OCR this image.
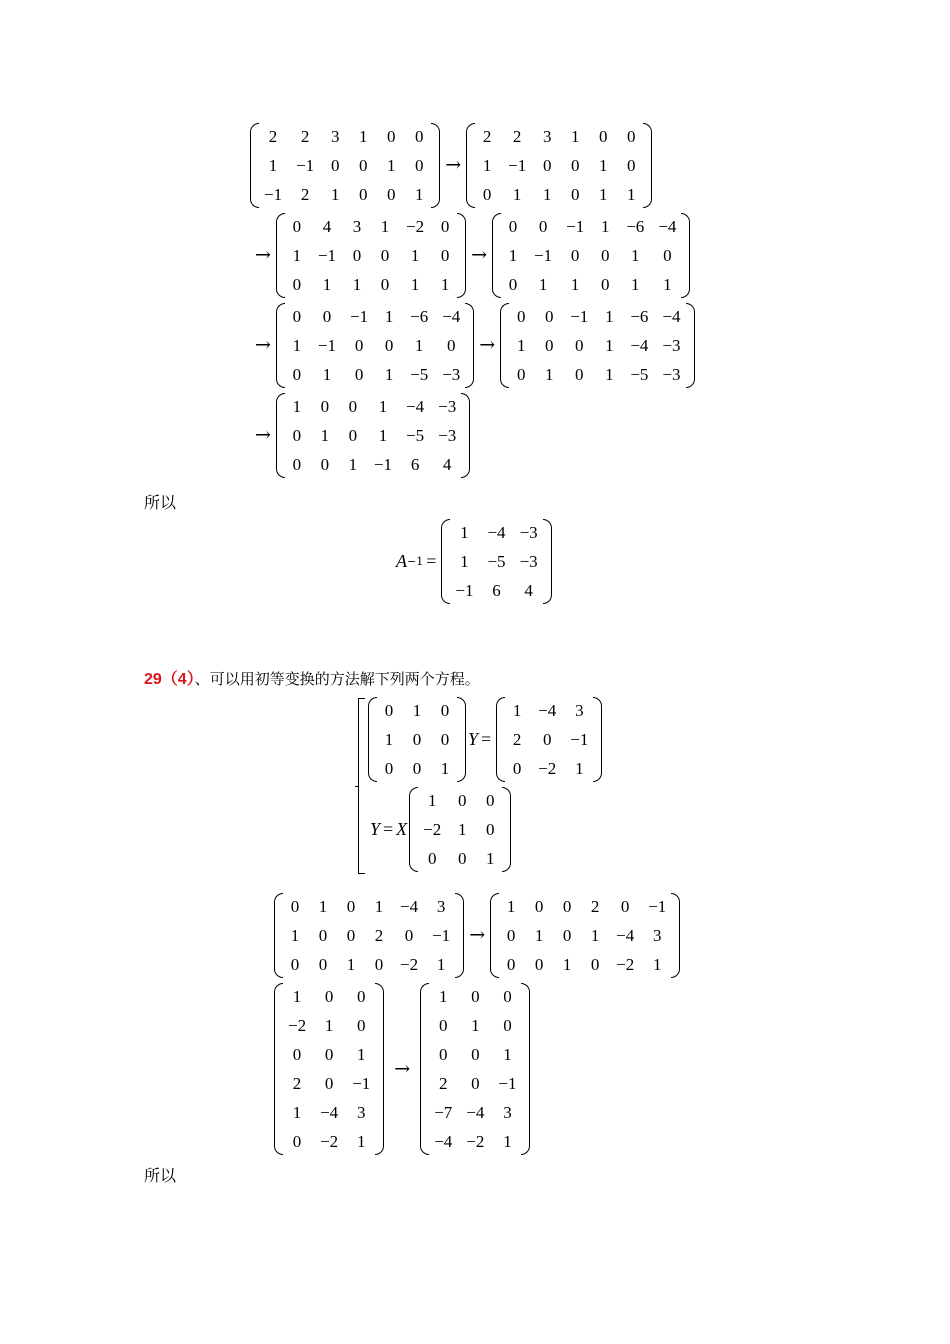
2	2	3	1	0	0
1	−1	0	0	1	0
−1	2	1	0	0	1
→
2	2	3	1	0	0
1	−1	0	0	1	0
0	1	1	0	1	1
→
0	4	3	1	−2	0
1	−1	0	0	1	0
0	1	1	0	1	1
→
0	0	−1	1	−6	−4
1	−1	0	0	1	0
0	1	1	0	1	1
→
0	0	−1	1	−6	−4
1	−1	0	0	1	0
0	1	0	1	−5	−3
→
0	0	−1	1	−6	−4
1	0	0	1	−4	−3
0	1	0	1	−5	−3
→
1	0	0	1	−4	−3
0	1	0	1	−5	−3
0	0	1	−1	6	4
所以
A −1 =
1	−4	−3
1	−5	−3
−1	6	4
29（4）、可以用初等变换的方法解下列两个方程。
0	1	0
1	0	0
0	0	1
Y =
1	−4	3
2	0	−1
0	−2	1
Y = X
1	0	0
−2	1	0
0	0	1
0	1	0	1	−4	3
1	0	0	2	0	−1
0	0	1	0	−2	1
→
1	0	0	2	0	−1
0	1	0	1	−4	3
0	0	1	0	−2	1
1	0	0
−2	1	0
0	0	1
2	0	−1
1	−4	3
0	−2	1
→
1	0	0
0	1	0
0	0	1
2	0	−1
−7	−4	3
−4	−2	1
所以
